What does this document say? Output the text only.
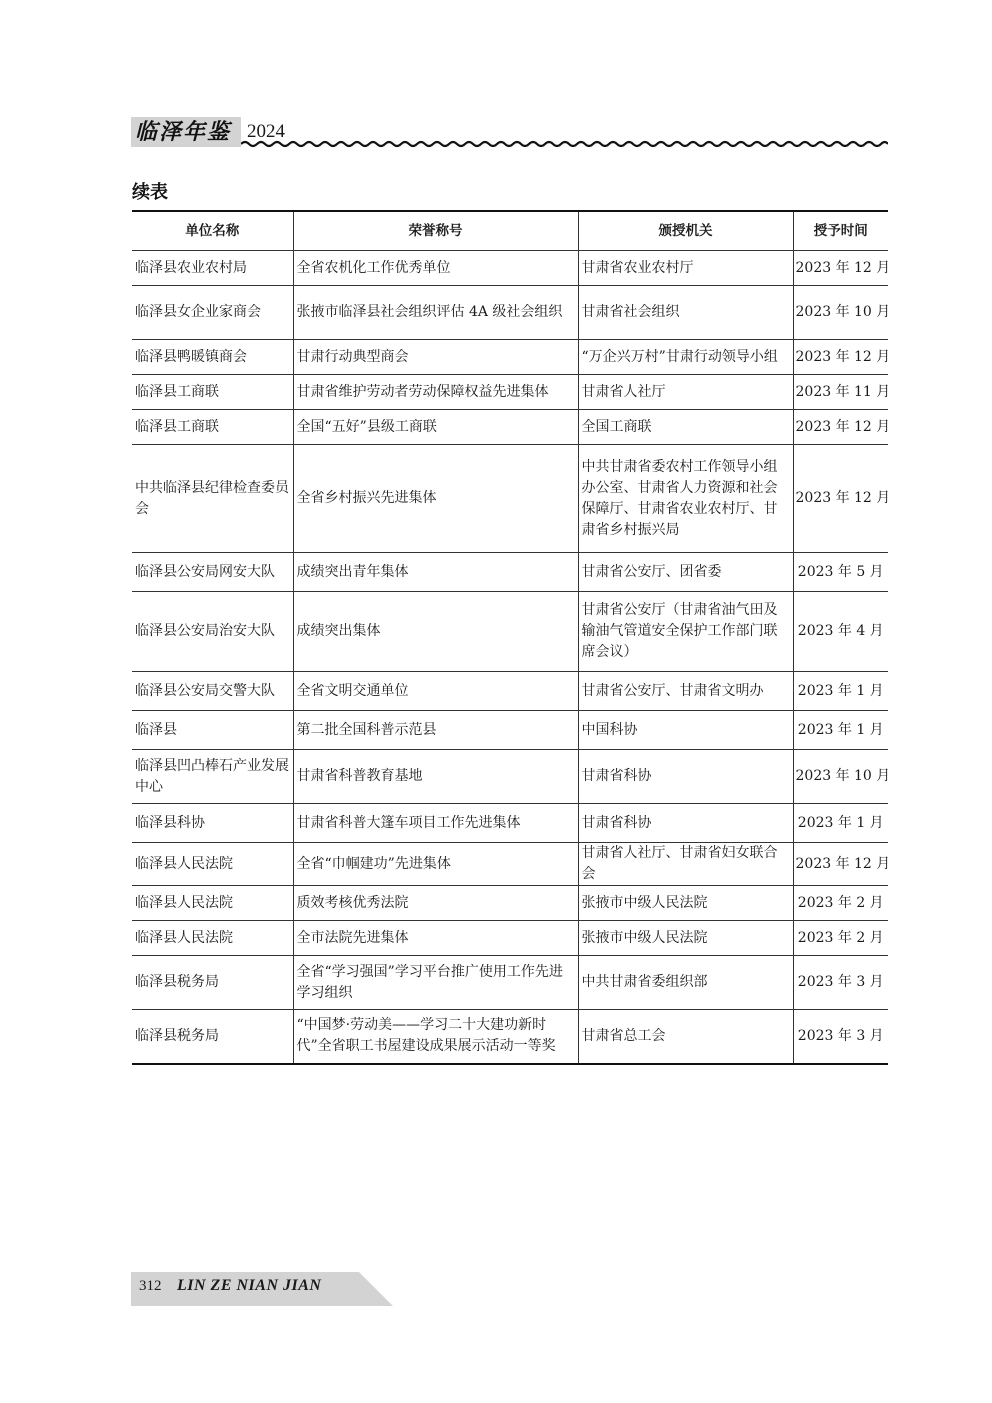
临泽年鉴 2024
续表
单位名称	荣誉称号	颁授机关	授予时间
临泽县农业农村局	全省农机化工作优秀单位	甘肃省农业农村厅	2023 年 12 月
临泽县女企业家商会	张掖市临泽县社会组织评估 4A 级社会组织	甘肃省社会组织	2023 年 10 月
临泽县鸭暖镇商会	甘肃行动典型商会	“万企兴万村”甘肃行动领导小组	2023 年 12 月
临泽县工商联	甘肃省维护劳动者劳动保障权益先进集体	甘肃省人社厅	2023 年 11 月
临泽县工商联	全国“五好”县级工商联	全国工商联	2023 年 12 月
中共临泽县纪律检查委员会	全省乡村振兴先进集体	中共甘肃省委农村工作领导小组办公室、甘肃省人力资源和社会保障厅、甘肃省农业农村厅、甘肃省乡村振兴局	2023 年 12 月
临泽县公安局网安大队	成绩突出青年集体	甘肃省公安厅、团省委	2023 年 5 月
临泽县公安局治安大队	成绩突出集体	甘肃省公安厅（甘肃省油气田及输油气管道安全保护工作部门联席会议）	2023 年 4 月
临泽县公安局交警大队	全省文明交通单位	甘肃省公安厅、甘肃省文明办	2023 年 1 月
临泽县	第二批全国科普示范县	中国科协	2023 年 1 月
临泽县凹凸棒石产业发展中心	甘肃省科普教育基地	甘肃省科协	2023 年 10 月
临泽县科协	甘肃省科普大篷车项目工作先进集体	甘肃省科协	2023 年 1 月
临泽县人民法院	全省“巾帼建功”先进集体	甘肃省人社厅、甘肃省妇女联合会	2023 年 12 月
临泽县人民法院	质效考核优秀法院	张掖市中级人民法院	2023 年 2 月
临泽县人民法院	全市法院先进集体	张掖市中级人民法院	2023 年 2 月
临泽县税务局	全省“学习强国”学习平台推广使用工作先进学习组织	中共甘肃省委组织部	2023 年 3 月
临泽县税务局	“中国梦·劳动美——学习二十大建功新时代”全省职工书屋建设成果展示活动一等奖	甘肃省总工会	2023 年 3 月
312 LIN ZE NIAN JIAN
